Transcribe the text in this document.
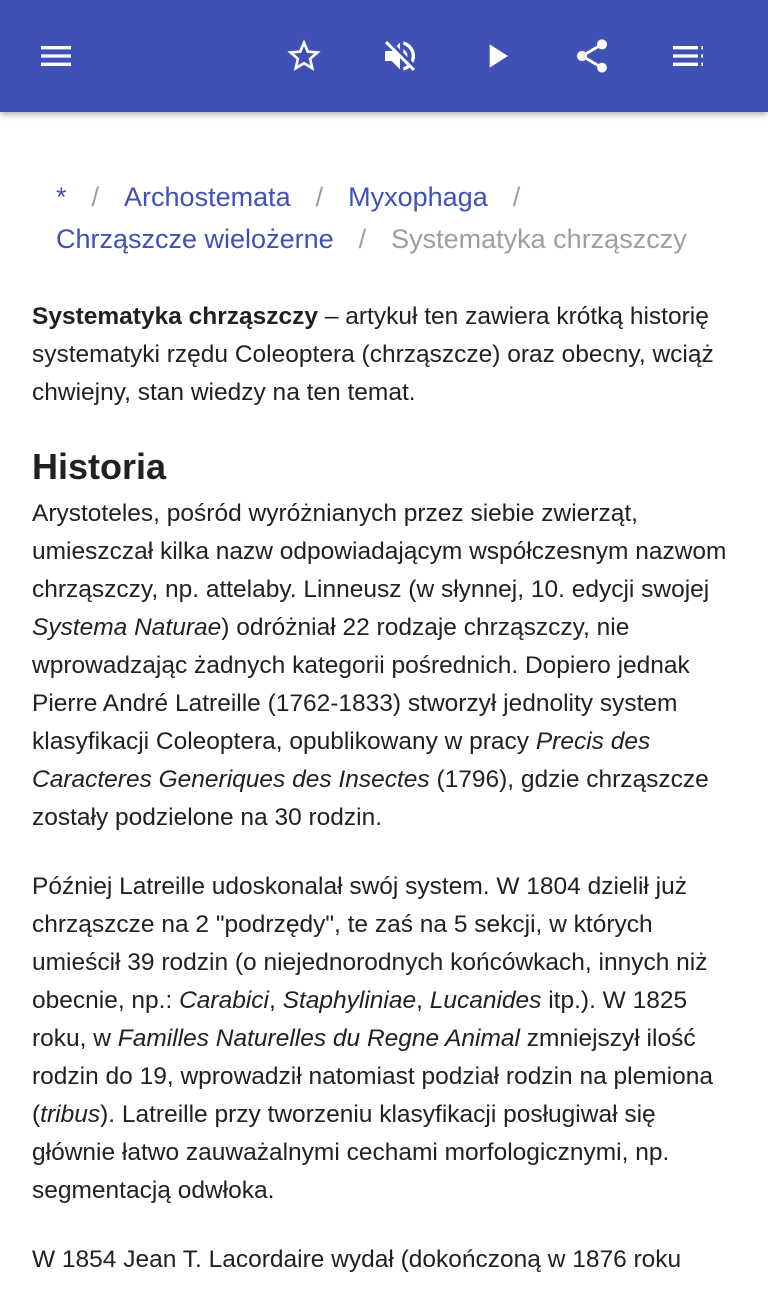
* / Archostemata / Myxophaga /
Chrząszcze wielożerne / Systematyka chrząszczy

Systematyka chrząszczy – artykuł ten zawiera krótką historię systematyki rzędu Coleoptera (chrząszcze) oraz obecny, wciąż chwiejny, stan wiedzy na ten temat.

Historia

Arystoteles, pośród wyróżnianych przez siebie zwierząt, umieszczał kilka nazw odpowiadającym współczesnym nazwom chrząszczy, np. attelaby. Linneusz (w słynnej, 10. edycji swojej Systema Naturae) odróżniał 22 rodzaje chrząszczy, nie wprowadzając żadnych kategorii pośrednich. Dopiero jednak Pierre André Latreille (1762-1833) stworzył jednolity system klasyfikacji Coleoptera, opublikowany w pracy Precis des Caracteres Generiques des Insectes (1796), gdzie chrząszcze zostały podzielone na 30 rodzin.

Później Latreille udoskonalał swój system. W 1804 dzielił już chrząszcze na 2 "podrzędy", te zaś na 5 sekcji, w których umieścił 39 rodzin (o niejednorodnych końcówkach, innych niż obecnie, np.: Carabici, Staphyliniae, Lucanides itp.). W 1825 roku, w Familles Naturelles du Regne Animal zmniejszył ilość rodzin do 19, wprowadził natomiast podział rodzin na plemiona (tribus). Latreille przy tworzeniu klasyfikacji posługiwał się głównie łatwo zauważalnymi cechami morfologicznymi, np. segmentacją odwłoka.

W 1854 Jean T. Lacordaire wydał (dokończoną w 1876 roku
